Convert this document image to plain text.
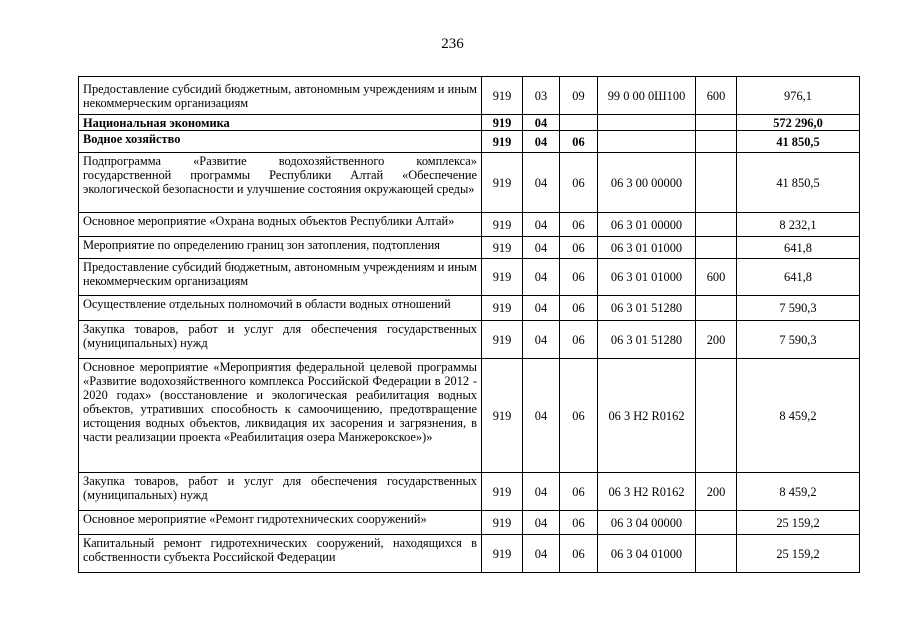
236
Предоставление субсидий бюджетным, автономным учреждениям и иным некоммерческим организациям	919	03	09	99 0 00 0Ш100	600	976,1
Национальная экономика	919	04				572 296,0
Водное хозяйство	919	04	06			41 850,5
Подпрограмма «Развитие водохозяйственного комплекса» государственной программы Республики Алтай «Обеспечение экологической безопасности и улучшение состояния окружающей среды»	919	04	06	06 3 00 00000		41 850,5
Основное мероприятие «Охрана водных объектов Республики Алтай»	919	04	06	06 3 01 00000		8 232,1
Мероприятие по определению границ зон затопления, подтопления	919	04	06	06 3 01 01000		641,8
Предоставление субсидий бюджетным, автономным учреждениям и иным некоммерческим организациям	919	04	06	06 3 01 01000	600	641,8
Осуществление отдельных полномочий в области водных отношений	919	04	06	06 3 01 51280		7 590,3
Закупка товаров, работ и услуг для обеспечения государственных (муниципальных) нужд	919	04	06	06 3 01 51280	200	7 590,3
Основное мероприятие «Мероприятия федеральной целевой программы «Развитие водохозяйственного комплекса Российской Федерации в 2012 - 2020 годах» (восстановление и экологическая реабилитация водных объектов, утративших способность к самоочищению, предотвращение истощения водных объектов, ликвидация их засорения и загрязнения, в части реализации проекта «Реабилитация озера Манжерокское»)»	919	04	06	06 3 Н2 R0162		8 459,2
Закупка товаров, работ и услуг для обеспечения государственных (муниципальных) нужд	919	04	06	06 3 Н2 R0162	200	8 459,2
Основное мероприятие «Ремонт гидротехнических сооружений»	919	04	06	06 3 04 00000		25 159,2
Капитальный ремонт гидротехнических сооружений, находящихся в собственности субъекта Российской Федерации	919	04	06	06 3 04 01000		25 159,2
